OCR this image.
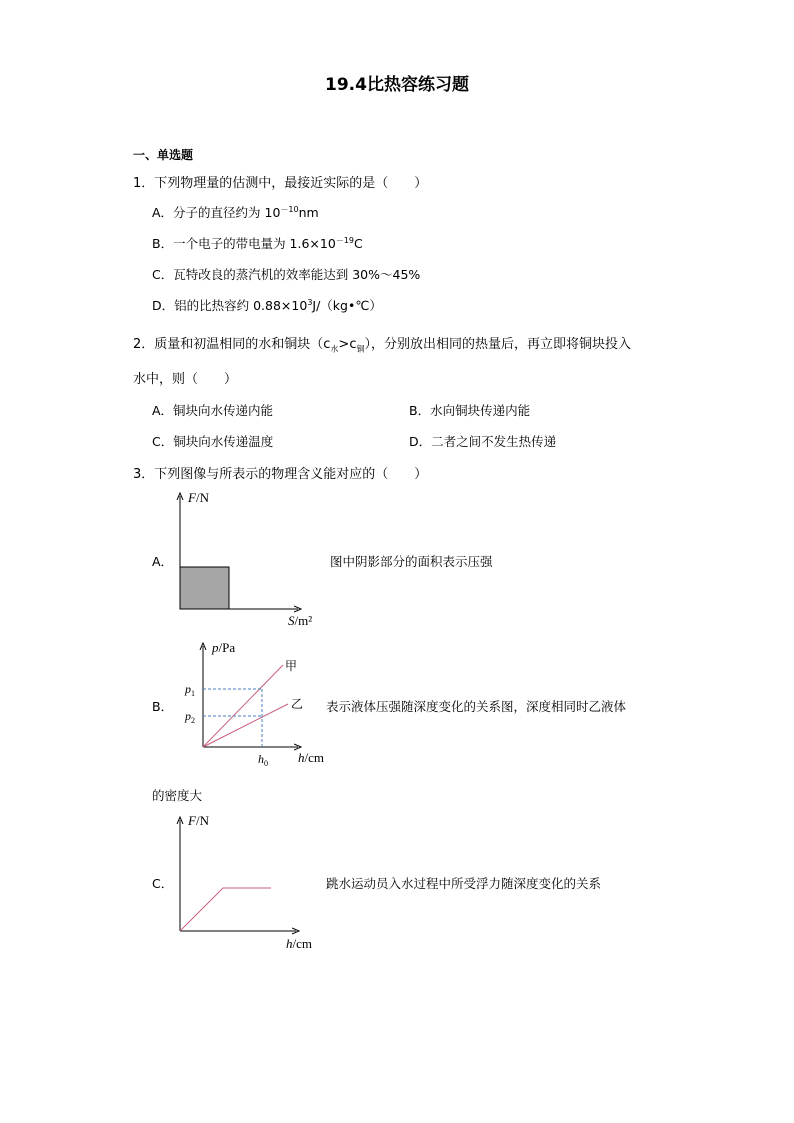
19.4比热容练习题
一、单选题
1．下列物理量的估测中，最接近实际的是（　　）
A．分子的直径约为 $10^{-10}nm$
B．一个电子的带电量为 $1.6\times 10^{-19}C$
C．瓦特改良的蒸汽机的效率能达到 30%～45%
D．铝的比热容约 $0.88\times 10^3J/(kg•℃)$
2．质量和初温相同的水和铜块$(c_水>c_铜)$，分别放出相同的热量后，再立即将铜块投入
水中，则（　　）
A．铜块向水传递内能	B．水向铜块传递内能
C．铜块向水传递温度	D．二者之间不发生热传递
3．下列图像与所表示的物理含义能对应的（　　）
A．
F/N
S/m²
图中阴影部分的面积表示压强
B．
p/Pa
h/cm
甲
乙
$p_1$
$p_2$
$h_0$
表示液体压强随深度变化的关系图，深度相同时乙液体
的密度大
C．
F/N
h/cm
跳水运动员入水过程中所受浮力随深度变化的关系
